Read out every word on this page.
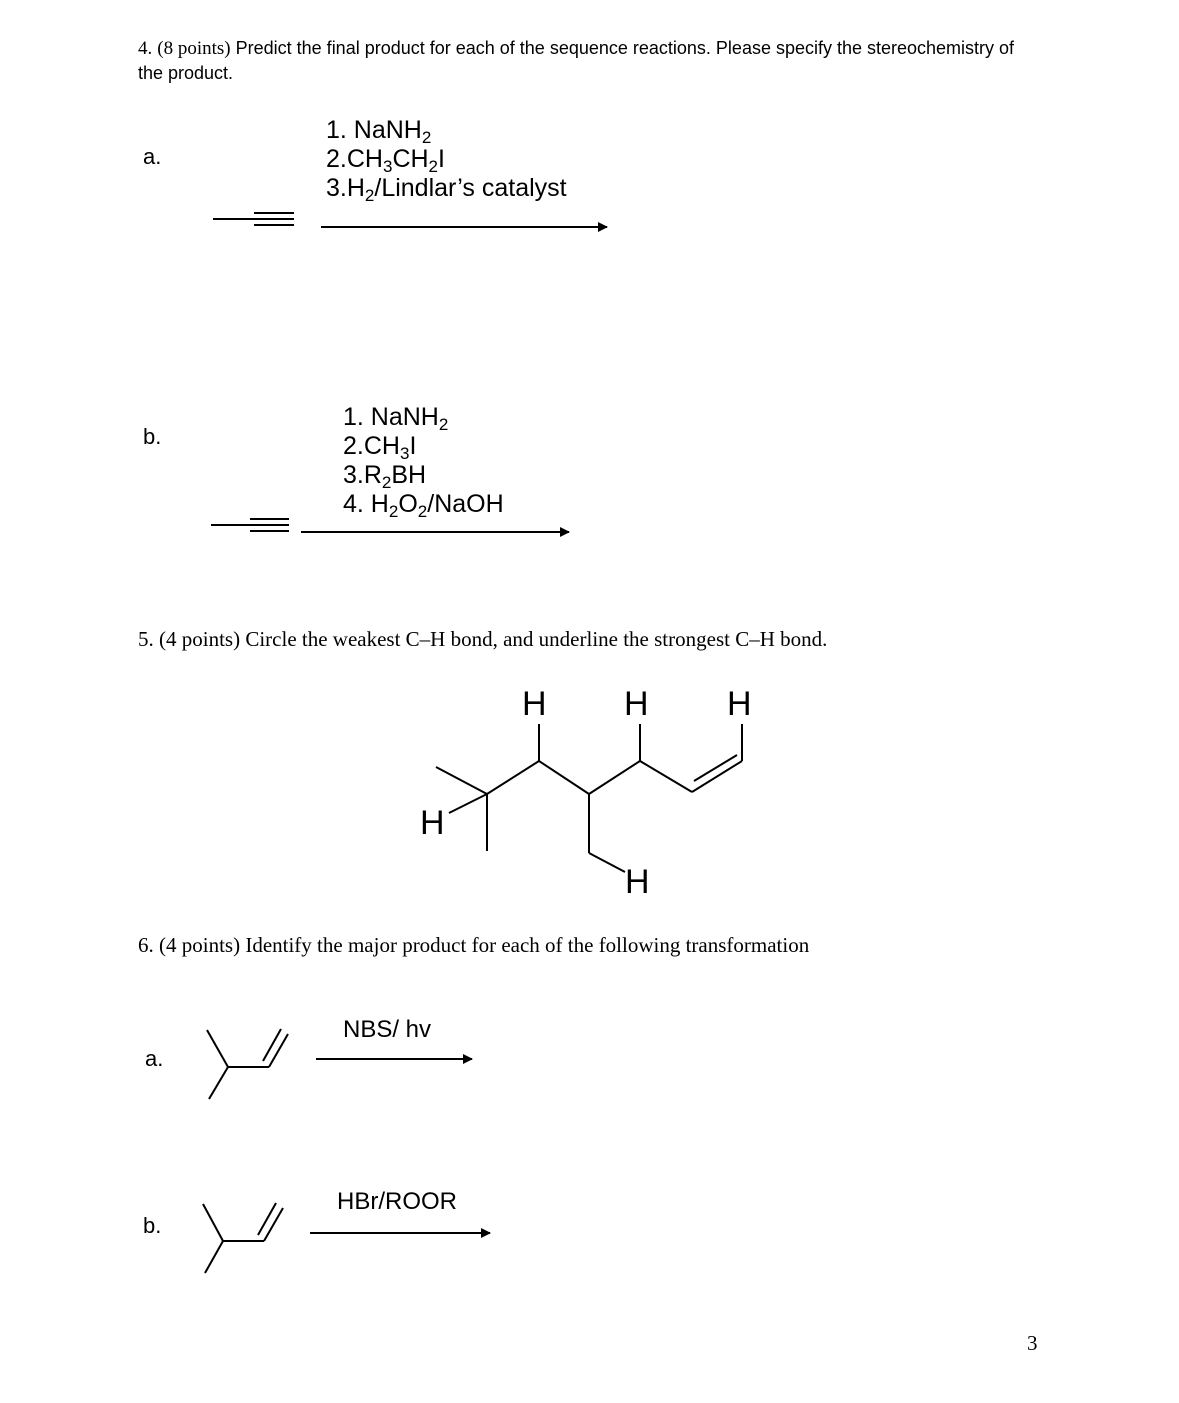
4. (8 points) Predict the final product for each of the sequence reactions. Please specify the stereochemistry of the product.
a.
1. NaNH$_2$
$2.CH_3CH_2I$
$3.H_2/Lindlar’s$ catalyst
b.
1. NaNH$_2$
$2.CH_3I$
$3.R_2BH$
4. $H_2O_2$/NaOH
5. (4 points) Circle the weakest C–H bond, and underline the strongest C–H bond.
H H H
H
H
6. (4 points) Identify the major product for each of the following transformation
a.
NBS/ hv
b.
HBr/ROOR
3
